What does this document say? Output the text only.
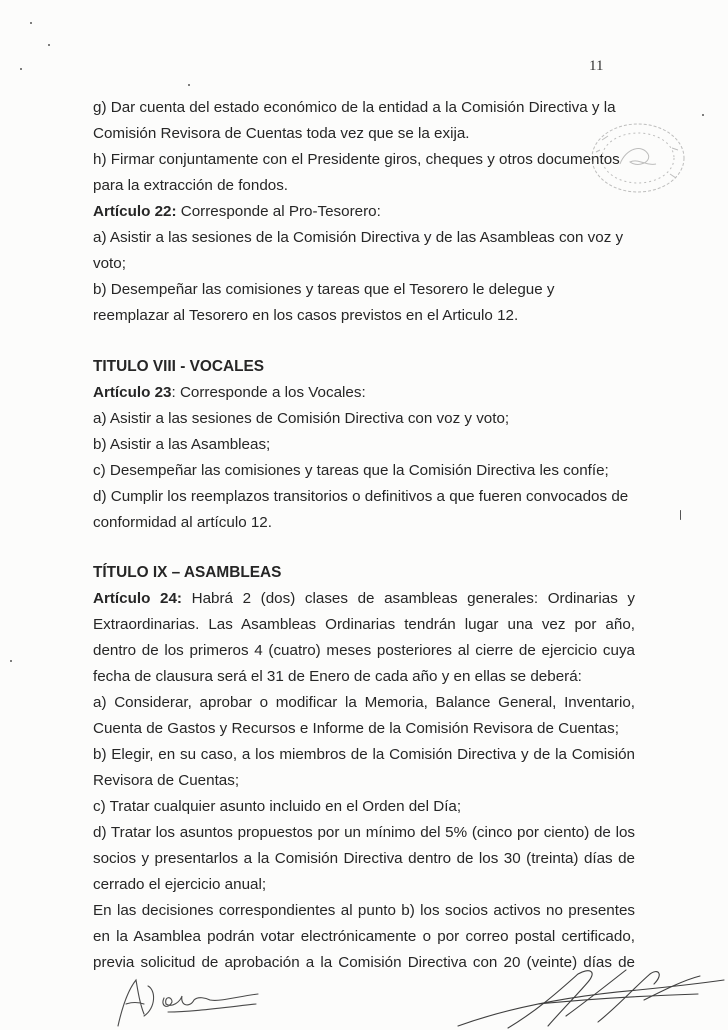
11
g) Dar cuenta del estado económico de la entidad a la Comisión Directiva y la
Comisión Revisora de Cuentas toda vez que se la exija.
h) Firmar conjuntamente con el Presidente giros, cheques y otros documentos
para la extracción de fondos.
Artículo 22: Corresponde al Pro-Tesorero:
a) Asistir a las sesiones de la Comisión Directiva y de las Asambleas con voz y
voto;
b) Desempeñar las comisiones y tareas que el Tesorero le delegue y
reemplazar al Tesorero en los casos previstos en el Articulo 12.
TITULO VIII - VOCALES
Artículo 23: Corresponde a los Vocales:
a) Asistir a las sesiones de Comisión Directiva con voz y voto;
b) Asistir a las Asambleas;
c) Desempeñar las comisiones y tareas que la Comisión Directiva les confíe;
d) Cumplir los reemplazos transitorios o definitivos a que fueren convocados de
conformidad al artículo 12.
TÍTULO IX – ASAMBLEAS
Artículo 24: Habrá 2 (dos) clases de asambleas generales: Ordinarias y
Extraordinarias. Las Asambleas Ordinarias tendrán lugar una vez por año,
dentro de los primeros 4 (cuatro) meses posteriores al cierre de ejercicio cuya
fecha de clausura será el 31 de Enero de cada año y en ellas se deberá:
a) Considerar, aprobar o modificar la Memoria, Balance General, Inventario,
Cuenta de Gastos y Recursos e Informe de la Comisión Revisora de Cuentas;
b) Elegir, en su caso, a los miembros de la Comisión Directiva y de la Comisión
Revisora de Cuentas;
c) Tratar cualquier asunto incluido en el Orden del Día;
d) Tratar los asuntos propuestos por un mínimo del 5% (cinco por ciento) de los
socios y presentarlos a la Comisión Directiva dentro de los 30 (treinta) días de
cerrado el ejercicio anual;
En las decisiones correspondientes al punto b) los socios activos no presentes
en la Asamblea podrán votar electrónicamente o por correo postal certificado,
previa solicitud de aprobación a la Comisión Directiva con 20 (veinte) días de
